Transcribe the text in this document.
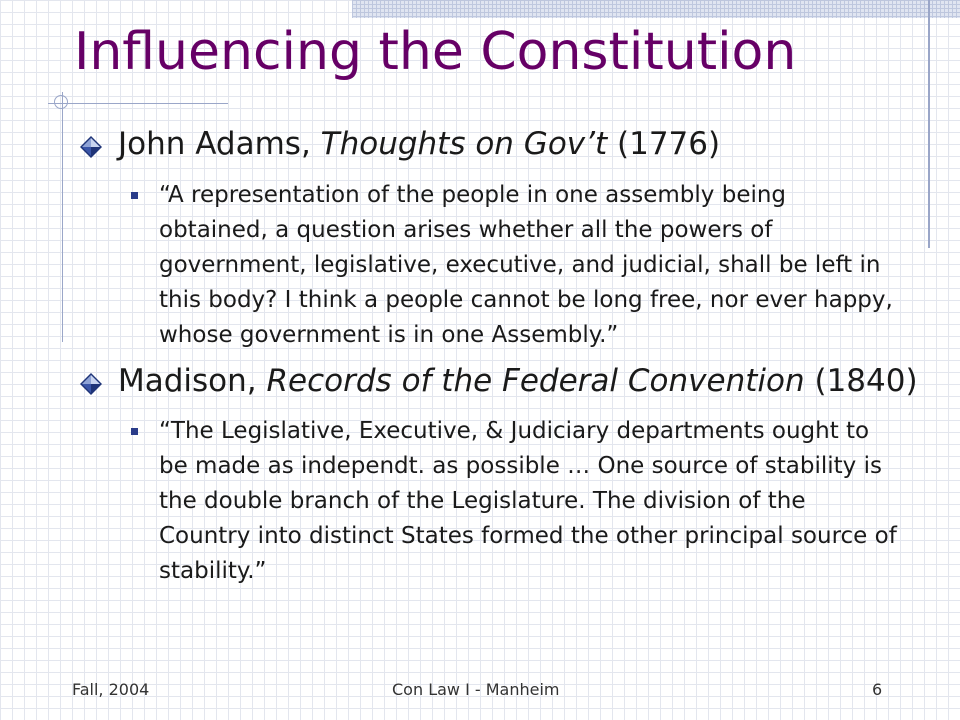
Influencing the Constitution
John Adams, Thoughts on Gov’t (1776)

“A representation of the people in one assembly being obtained, a question arises whether all the powers of government, legislative, executive, and judicial, shall be left in this body? I think a people cannot be long free, nor ever happy, whose government is in one Assembly.”

Madison, Records of the Federal Convention (1840)

“The Legislative, Executive, & Judiciary departments ought to be made as independt. as possible … One source of stability is the double branch of the Legislature. The division of the Country into distinct States formed the other principal source of stability.”

Fall, 2004	Con Law I - Manheim	6
